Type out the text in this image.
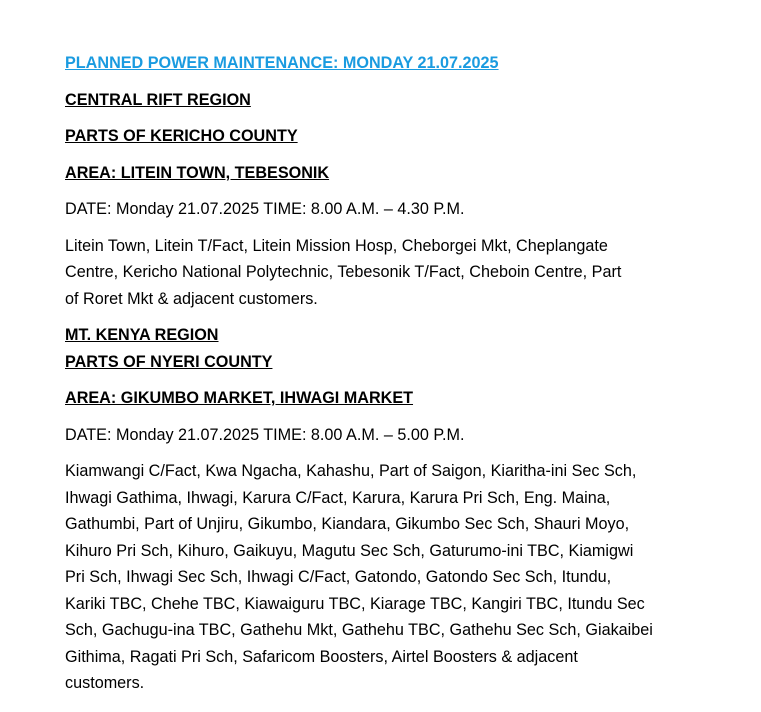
PLANNED POWER MAINTENANCE: MONDAY 21.07.2025
CENTRAL RIFT REGION
PARTS OF KERICHO COUNTY
AREA: LITEIN TOWN, TEBESONIK
DATE: Monday 21.07.2025 TIME: 8.00 A.M. – 4.30 P.M.
Litein Town, Litein T/Fact, Litein Mission Hosp, Cheborgei Mkt, Cheplangate
Centre, Kericho National Polytechnic, Tebesonik T/Fact, Cheboin Centre, Part
of Roret Mkt & adjacent customers.
MT. KENYA REGION
PARTS OF NYERI COUNTY
AREA: GIKUMBO MARKET, IHWAGI MARKET
DATE: Monday 21.07.2025 TIME: 8.00 A.M. – 5.00 P.M.
Kiamwangi C/Fact, Kwa Ngacha, Kahashu, Part of Saigon, Kiaritha-ini Sec Sch,
Ihwagi Gathima, Ihwagi, Karura C/Fact, Karura, Karura Pri Sch, Eng. Maina,
Gathumbi, Part of Unjiru, Gikumbo, Kiandara, Gikumbo Sec Sch, Shauri Moyo,
Kihuro Pri Sch, Kihuro, Gaikuyu, Magutu Sec Sch, Gaturumo-ini TBC, Kiamigwi
Pri Sch, Ihwagi Sec Sch, Ihwagi C/Fact, Gatondo, Gatondo Sec Sch, Itundu,
Kariki TBC, Chehe TBC, Kiawaiguru TBC, Kiarage TBC, Kangiri TBC, Itundu Sec
Sch, Gachugu-ina TBC, Gathehu Mkt, Gathehu TBC, Gathehu Sec Sch, Giakaibei
Githima, Ragati Pri Sch, Safaricom Boosters, Airtel Boosters & adjacent
customers.
